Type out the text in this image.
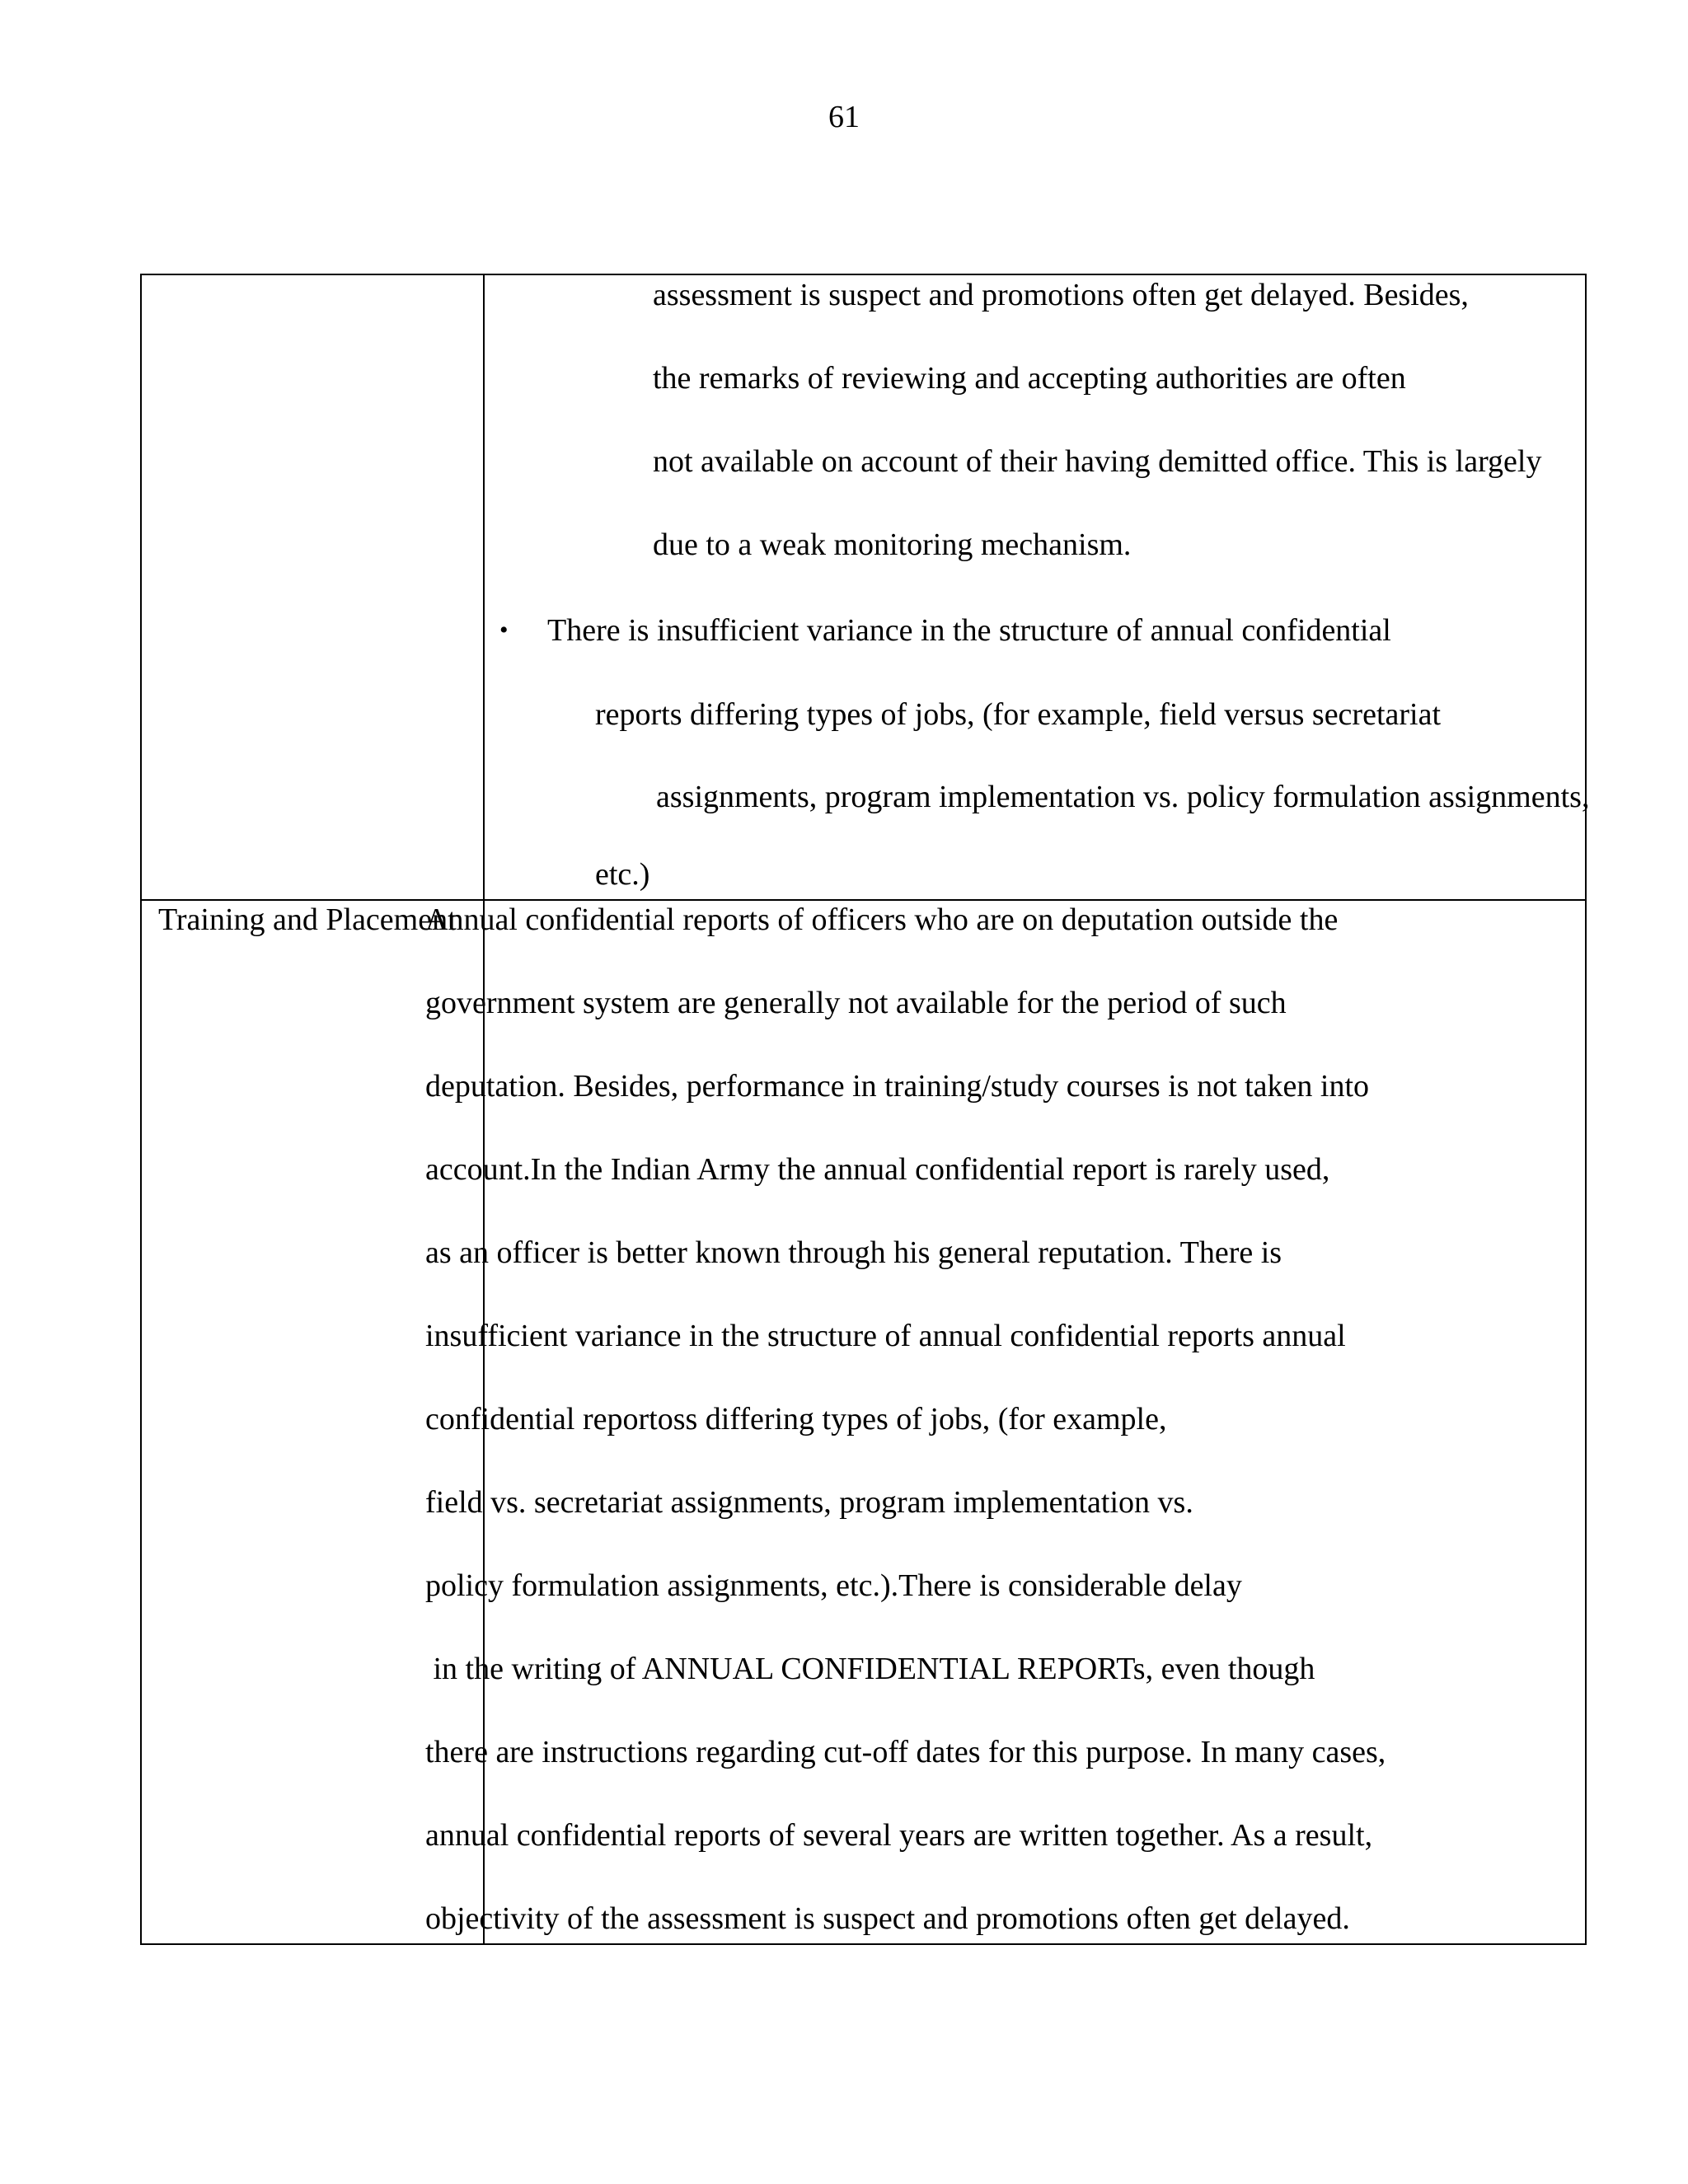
61
assessment is suspect and promotions often get delayed. Besides,
the remarks of reviewing and accepting authorities are often
not available on account of their having demitted office. This is largely
due to a weak monitoring mechanism.
• There is insufficient variance in the structure of annual confidential
reports differing types of jobs, (for example, field versus secretariat
assignments, program implementation vs. policy formulation assignments,
etc.)
Training and Placement
Annual confidential reports of officers who are on deputation outside the
government system are generally not available for the period of such
deputation. Besides, performance in training/study courses is not taken into
account.In the Indian Army the annual confidential report is rarely used,
as an officer is better known through his general reputation. There is
insufficient variance in the structure of annual confidential reports annual
confidential reportoss differing types of jobs, (for example,
field vs. secretariat assignments, program implementation vs.
policy formulation assignments, etc.).There is considerable delay
in the writing of ANNUAL CONFIDENTIAL REPORTs, even though
there are instructions regarding cut-off dates for this purpose. In many cases,
annual confidential reports of several years are written together. As a result,
objectivity of the assessment is suspect and promotions often get delayed.
